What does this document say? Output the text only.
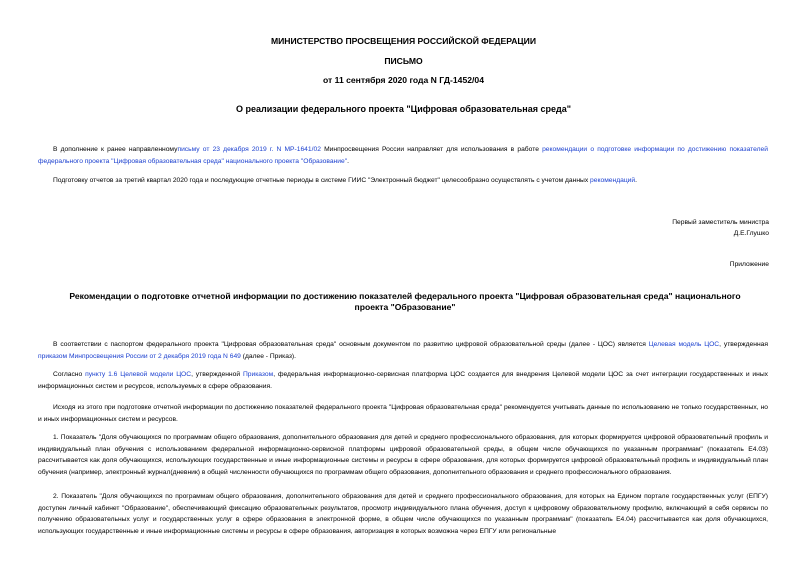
МИНИСТЕРСТВО ПРОСВЕЩЕНИЯ РОССИЙСКОЙ ФЕДЕРАЦИИ
ПИСЬМО
от 11 сентября 2020 года N ГД-1452/04
О реализации федерального проекта "Цифровая образовательная среда"
В дополнение к ранее направленномуписьму от 23 декабря 2019 г. N МР-1641/02 Минпросвещения России направляет для использования в работе рекомендации о подготовке информации по достижению показателей федерального проекта "Цифровая образовательная среда" национального проекта "Образование".
Подготовку отчетов за третий квартал 2020 года и последующие отчетные периоды в системе ГИИС "Электронный бюджет" целесообразно осуществлять с учетом данных рекомендаций.
Первый заместитель министра
Д.Е.Глушко
Приложение
Рекомендации о подготовке отчетной информации по достижению показателей федерального проекта "Цифровая образовательная среда" национального проекта "Образование"
В соответствии с паспортом федерального проекта "Цифровая образовательная среда" основным документом по развитию цифровой образовательной среды (далее - ЦОС) является Целевая модель ЦОС, утвержденная приказом Минпросвещения России от 2 декабря 2019 года N 649 (далее - Приказ).
Согласно пункту 1.6 Целевой модели ЦОС, утвержденной Приказом, федеральная информационно-сервисная платформа ЦОС создается для внедрения Целевой модели ЦОС за счет интеграции государственных и иных информационных систем и ресурсов, используемых в сфере образования.
Исходя из этого при подготовке отчетной информации по достижению показателей федерального проекта "Цифровая образовательная среда" рекомендуется учитывать данные по использованию не только государственных, но и иных информационных систем и ресурсов.
1. Показатель "Доля обучающихся по программам общего образования, дополнительного образования для детей и среднего профессионального образования, для которых формируется цифровой образовательный профиль и индивидуальный план обучения с использованием федеральной информационно-сервисной платформы цифровой образовательной среды, в общем числе обучающихся по указанным программам" (показатель Е4.03) рассчитывается как доля обучающихся, использующих государственные и иные информационные системы и ресурсы в сфере образования, для которых формируется цифровой образовательный профиль и индивидуальный план обучения (например, электронный журнал(дневник) в общей численности обучающихся по программам общего образования, дополнительного образования и среднего профессионального образования.
2. Показатель "Доля обучающихся по программам общего образования, дополнительного образования для детей и среднего профессионального образования, для которых на Едином портале государственных услуг (ЕПГУ) доступен личный кабинет "Образование", обеспечивающий фиксацию образовательных результатов, просмотр индивидуального плана обучения, доступ к цифровому образовательному профилю, включающий в себя сервисы по получению образовательных услуг и государственных услуг в сфере образования в электронной форме, в общем числе обучающихся по указанным программам" (показатель Е4.04) рассчитывается как доля обучающихся, использующих государственные и иные информационные системы и ресурсы в сфере образования, авторизация в которых возможна через ЕПГУ или региональные
